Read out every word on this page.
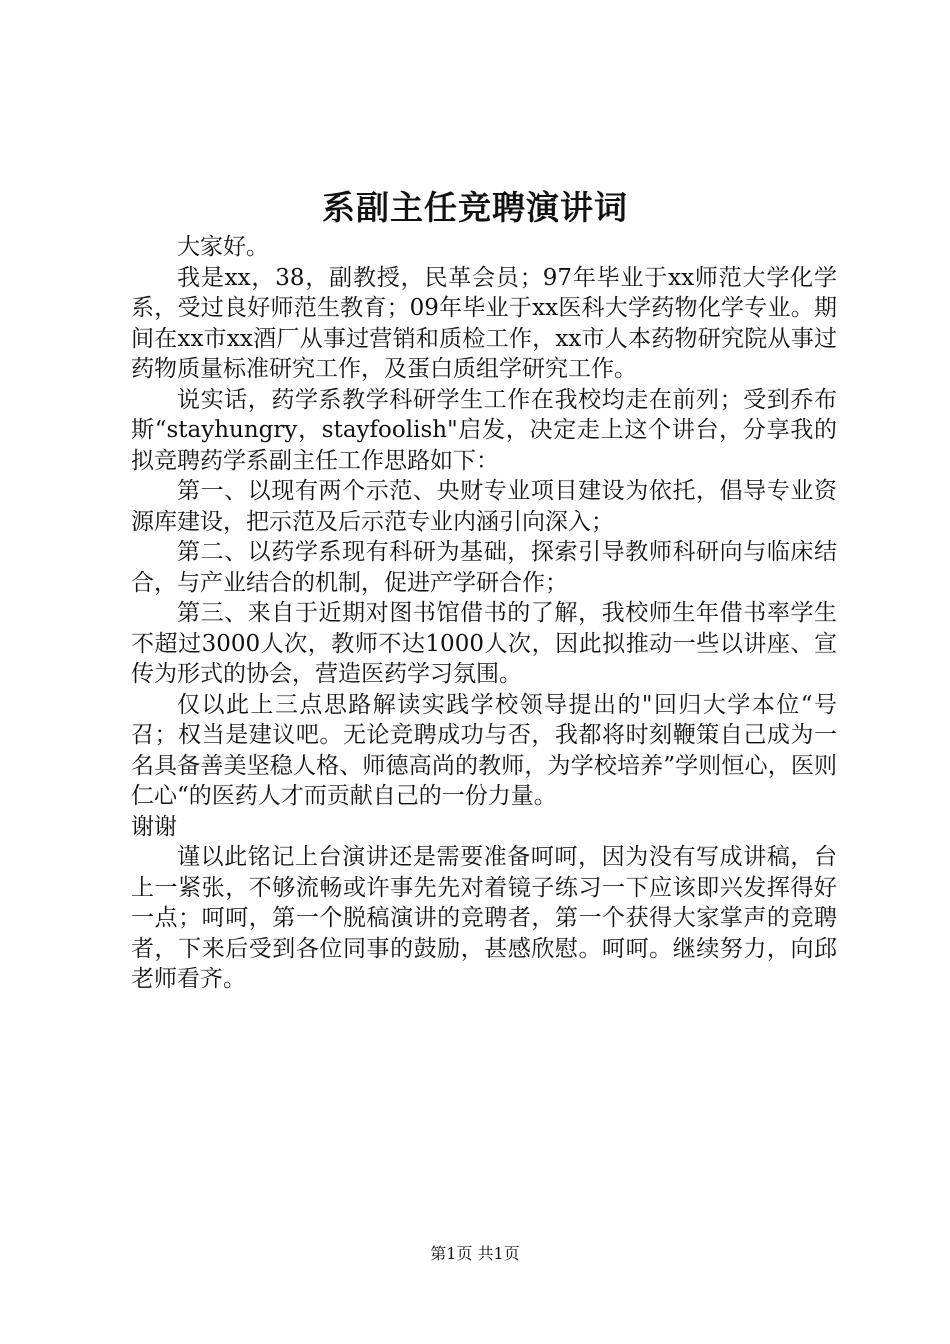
系副主任竞聘演讲词

大家好。

我是xx，38，副教授，民革会员；97年毕业于xx师范大学化学系，受过良好师范生教育；09年毕业于xx医科大学药物化学专业。期间在xx市xx酒厂从事过营销和质检工作，xx市人本药物研究院从事过药物质量标准研究工作，及蛋白质组学研究工作。

说实话，药学系教学科研学生工作在我校均走在前列；受到乔布斯“stayhungry，stayfoolish"启发，决定走上这个讲台，分享我的拟竞聘药学系副主任工作思路如下：

第一、以现有两个示范、央财专业项目建设为依托，倡导专业资源库建设，把示范及后示范专业内涵引向深入；

第二、以药学系现有科研为基础，探索引导教师科研向与临床结合，与产业结合的机制，促进产学研合作；

第三、来自于近期对图书馆借书的了解，我校师生年借书率学生不超过3000人次，教师不达1000人次，因此拟推动一些以讲座、宣传为形式的协会，营造医药学习氛围。

仅以此上三点思路解读实践学校领导提出的"回归大学本位“号召；权当是建议吧。无论竞聘成功与否，我都将时刻鞭策自己成为一名具备善美坚稳人格、师德高尚的教师，为学校培养”学则恒心，医则仁心“的医药人才而贡献自己的一份力量。

谢谢

谨以此铭记上台演讲还是需要准备呵呵，因为没有写成讲稿，台上一紧张，不够流畅或许事先先对着镜子练习一下应该即兴发挥得好一点；呵呵，第一个脱稿演讲的竞聘者，第一个获得大家掌声的竞聘者，下来后受到各位同事的鼓励，甚感欣慰。呵呵。继续努力，向邱老师看齐。

第1页 共1页
